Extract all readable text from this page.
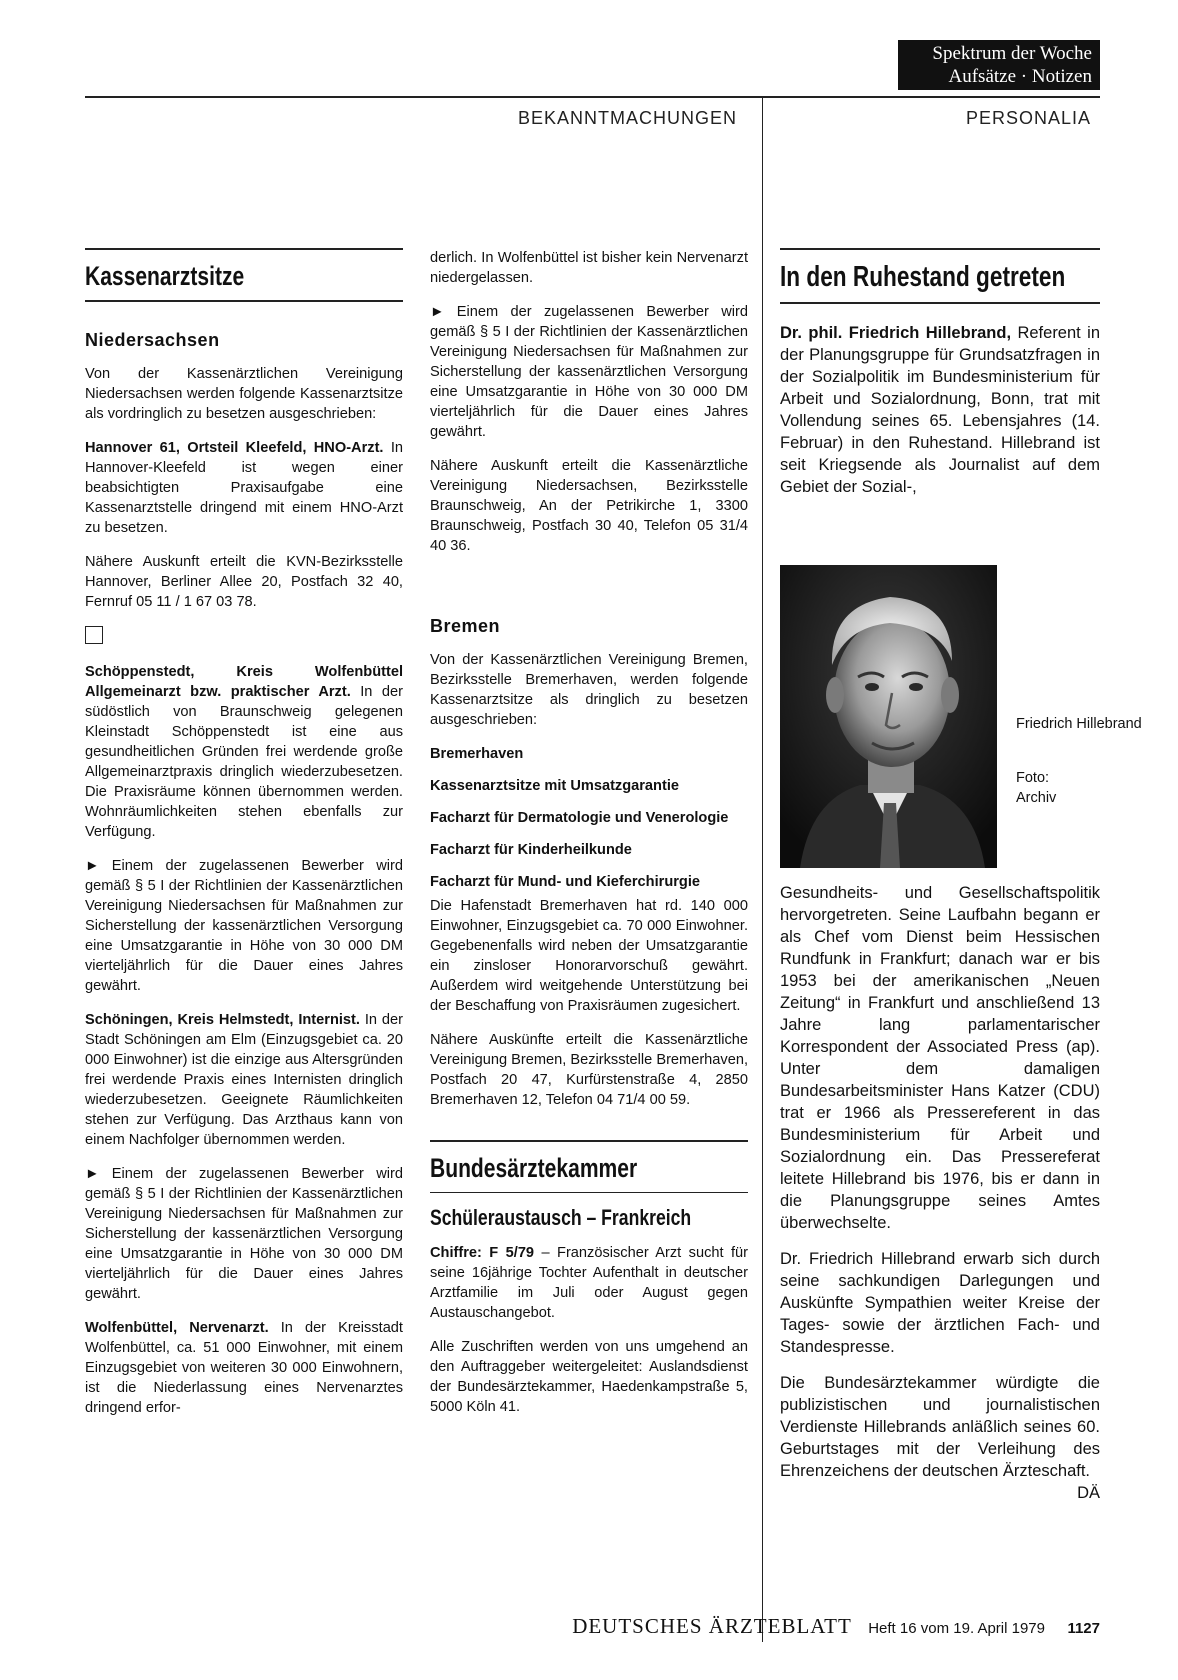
Spektrum der Woche
Aufsätze · Notizen
BEKANNTMACHUNGEN	PERSONALIA
Kassenarztsitze
Niedersachsen

Von der Kassenärztlichen Vereinigung Niedersachsen werden folgende Kassenarztsitze als vordringlich zu besetzen ausgeschrieben:

Hannover 61, Ortsteil Kleefeld, HNO-Arzt. In Hannover-Kleefeld ist wegen einer beabsichtigten Praxisaufgabe eine Kassenarztstelle dringend mit einem HNO-Arzt zu besetzen.

Nähere Auskunft erteilt die KVN-Bezirksstelle Hannover, Berliner Allee 20, Postfach 32 40, Fernruf 05 11 / 1 67 03 78.

Schöppenstedt, Kreis Wolfenbüttel Allgemeinarzt bzw. praktischer Arzt. In der südöstlich von Braunschweig gelegenen Kleinstadt Schöppenstedt ist eine aus gesundheitlichen Gründen frei werdende große Allgemeinarztpraxis dringlich wiederzubesetzen. Die Praxisräume können übernommen werden. Wohnräumlichkeiten stehen ebenfalls zur Verfügung.

► Einem der zugelassenen Bewerber wird gemäß § 5 I der Richtlinien der Kassenärztlichen Vereinigung Niedersachsen für Maßnahmen zur Sicherstellung der kassenärztlichen Versorgung eine Umsatzgarantie in Höhe von 30 000 DM vierteljährlich für die Dauer eines Jahres gewährt.

Schöningen, Kreis Helmstedt, Internist. In der Stadt Schöningen am Elm (Einzugsgebiet ca. 20 000 Einwohner) ist die einzige aus Altersgründen frei werdende Praxis eines Internisten dringlich wiederzubesetzen. Geeignete Räumlichkeiten stehen zur Verfügung. Das Arzthaus kann von einem Nachfolger übernommen werden.

► Einem der zugelassenen Bewerber wird gemäß § 5 I der Richtlinien der Kassenärztlichen Vereinigung Niedersachsen für Maßnahmen zur Sicherstellung der kassenärztlichen Versorgung eine Umsatzgarantie in Höhe von 30 000 DM vierteljährlich für die Dauer eines Jahres gewährt.

Wolfenbüttel, Nervenarzt. In der Kreisstadt Wolfenbüttel, ca. 51 000 Einwohner, mit einem Einzugsgebiet von weiteren 30 000 Einwohnern, ist die Niederlassung eines Nervenarztes dringend erfor-

derlich. In Wolfenbüttel ist bisher kein Nervenarzt niedergelassen.

► Einem der zugelassenen Bewerber wird gemäß § 5 I der Richtlinien der Kassenärztlichen Vereinigung Niedersachsen für Maßnahmen zur Sicherstellung der kassenärztlichen Versorgung eine Umsatzgarantie in Höhe von 30 000 DM vierteljährlich für die Dauer eines Jahres gewährt.

Nähere Auskunft erteilt die Kassenärztliche Vereinigung Niedersachsen, Bezirksstelle Braunschweig, An der Petrikirche 1, 3300 Braunschweig, Postfach 30 40, Telefon 05 31/4 40 36.

Bremen

Von der Kassenärztlichen Vereinigung Bremen, Bezirksstelle Bremerhaven, werden folgende Kassenarztsitze als dringlich zu besetzen ausgeschrieben:

Bremerhaven
Kassenarztsitze mit Umsatzgarantie
Facharzt für Dermatologie und Venerologie
Facharzt für Kinderheilkunde
Facharzt für Mund- und Kieferchirurgie

Die Hafenstadt Bremerhaven hat rd. 140 000 Einwohner, Einzugsgebiet ca. 70 000 Einwohner. Gegebenenfalls wird neben der Umsatzgarantie ein zinsloser Honorarvorschuß gewährt. Außerdem wird weitgehende Unterstützung bei der Beschaffung von Praxisräumen zugesichert.

Nähere Auskünfte erteilt die Kassenärztliche Vereinigung Bremen, Bezirksstelle Bremerhaven, Postfach 20 47, Kurfürstenstraße 4, 2850 Bremerhaven 12, Telefon 04 71/4 00 59.

Bundesärztekammer
Schüleraustausch – Frankreich

Chiffre: F 5/79 – Französischer Arzt sucht für seine 16jährige Tochter Aufenthalt in deutscher Arztfamilie im Juli oder August gegen Austauschangebot.

Alle Zuschriften werden von uns umgehend an den Auftraggeber weitergeleitet: Auslandsdienst der Bundesärztekammer, Haedenkampstraße 5, 5000 Köln 41.

In den Ruhestand getreten

Dr. phil. Friedrich Hillebrand, Referent in der Planungsgruppe für Grundsatzfragen in der Sozialpolitik im Bundesministerium für Arbeit und Sozialordnung, Bonn, trat mit Vollendung seines 65. Lebensjahres (14. Februar) in den Ruhestand. Hillebrand ist seit Kriegsende als Journalist auf dem Gebiet der Sozial-,

Friedrich Hillebrand
Foto: Archiv

Gesundheits- und Gesellschaftspolitik hervorgetreten. Seine Laufbahn begann er als Chef vom Dienst beim Hessischen Rundfunk in Frankfurt; danach war er bis 1953 bei der amerikanischen „Neuen Zeitung“ in Frankfurt und anschließend 13 Jahre lang parlamentarischer Korrespondent der Associated Press (ap). Unter dem damaligen Bundesarbeitsminister Hans Katzer (CDU) trat er 1966 als Pressereferent in das Bundesministerium für Arbeit und Sozialordnung ein. Das Pressereferat leitete Hillebrand bis 1976, bis er dann in die Planungsgruppe seines Amtes überwechselte.

Dr. Friedrich Hillebrand erwarb sich durch seine sachkundigen Darlegungen und Auskünfte Sympathien weiter Kreise der Tages- sowie der ärztlichen Fach- und Standespresse.

Die Bundesärztekammer würdigte die publizistischen und journalistischen Verdienste Hillebrands anläßlich seines 60. Geburtstages mit der Verleihung des Ehrenzeichens der deutschen Ärzteschaft.
DÄ

DEUTSCHES ÄRZTEBLATT Heft 16 vom 19. April 1979 1127
